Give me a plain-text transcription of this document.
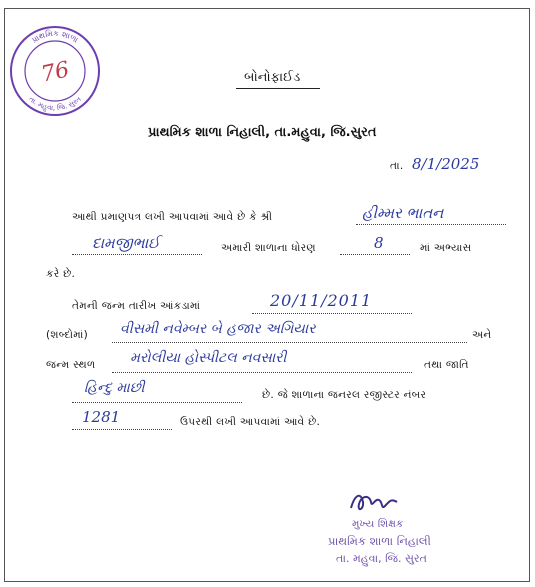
પ્રાથમિક શાળા
તા. મહુવા, જિ. સુરત
76	બોનોફાઈડ
પ્રાથમિક શાળા નિહાલી, તા.મહુવા, જિ.સુરત
તા. 8/1/2025
આથી પ્રમાણપત્ર લખી આપવામાં આવે છે કે શ્રી	હીમ્મર ભાતન
દામજીભાઈ	અમારી શાળાના ધોરણ	8	માં અભ્યાસ
કરે છે.
તેમની જન્મ તારીખ આંકડામાં	20/11/2011
(શબ્દોમાં) વીસમી નવેમ્બર બે હજાર અગિયાર	અને
જન્મ સ્થળ મરોલીયા હોસ્પીટલ નવસારી	તથા જાતિ
હિન્દુ માછી	છે. જે શાળાના જનરલ રજીસ્ટર નંબર
1281	ઉપરથી લખી આપવામાં આવે છે.
મુખ્ય શિક્ષક
પ્રાથમિક શાળા નિહાલી
તા. મહુવા, જિ. સુરત
